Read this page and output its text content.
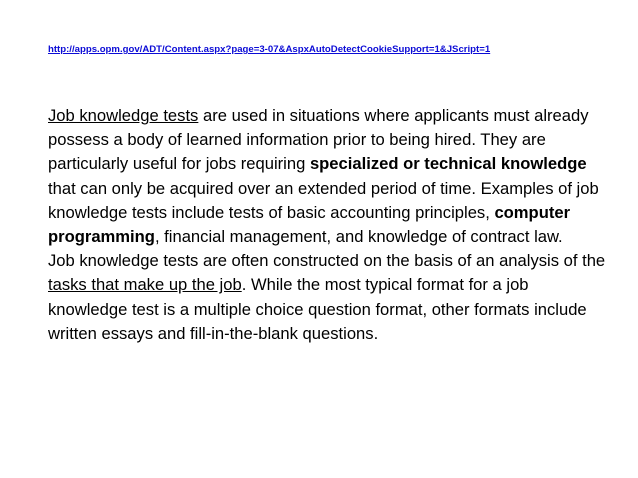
http://apps.opm.gov/ADT/Content.aspx?page=3-07&AspxAutoDetectCookieSupport=1&JScript=1

Job knowledge tests are used in situations where applicants must already possess a body of learned information prior to being hired. They are particularly useful for jobs requiring specialized or technical knowledge that can only be acquired over an extended period of time. Examples of job knowledge tests include tests of basic accounting principles, computer programming, financial management, and knowledge of contract law.

Job knowledge tests are often constructed on the basis of an analysis of the tasks that make up the job. While the most typical format for a job knowledge test is a multiple choice question format, other formats include written essays and fill-in-the-blank questions.
